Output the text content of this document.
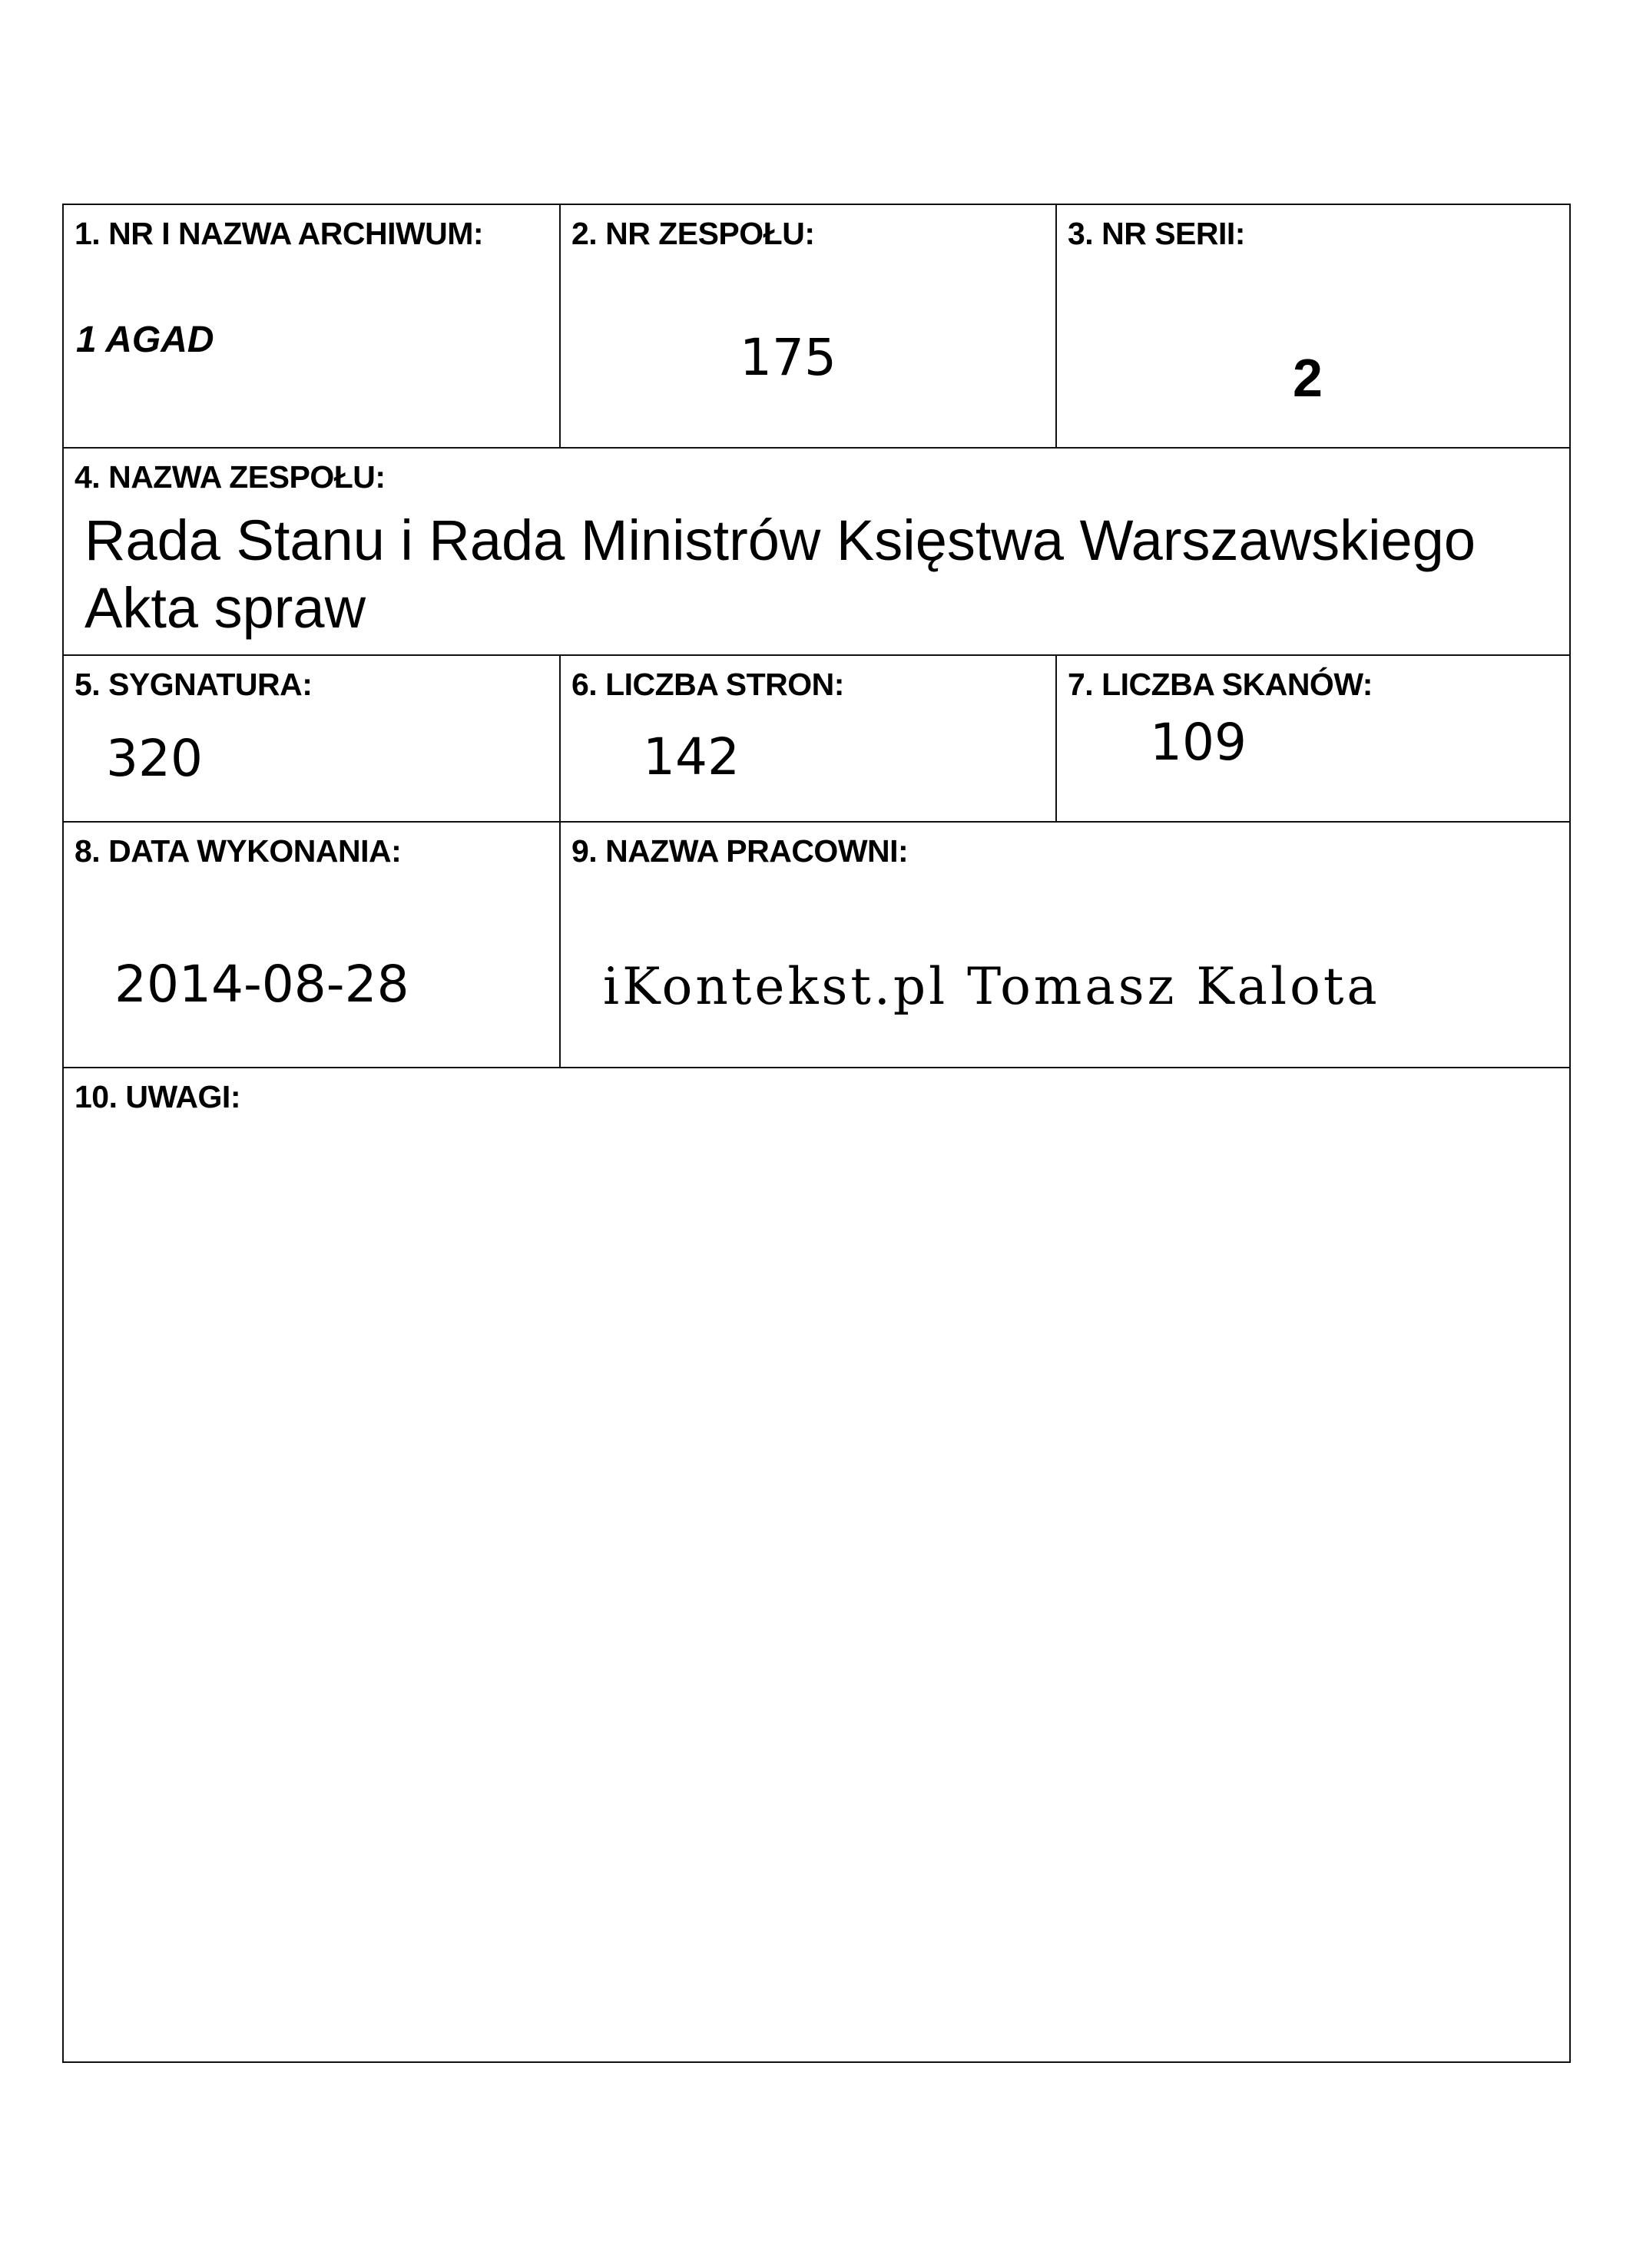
1. NR I NAZWA ARCHIWUM:
1 AGAD
2. NR ZESPOŁU:
175
3. NR SERII:
2
4. NAZWA ZESPOŁU:
Rada Stanu i Rada Ministrów Księstwa Warszawskiego
Akta spraw
5. SYGNATURA:
320
6. LICZBA STRON:
142
7. LICZBA SKANÓW:
109
8. DATA WYKONANIA:
2014-08-28
9. NAZWA PRACOWNI:
iKontekst.pl Tomasz Kalota
10. UWAGI:
